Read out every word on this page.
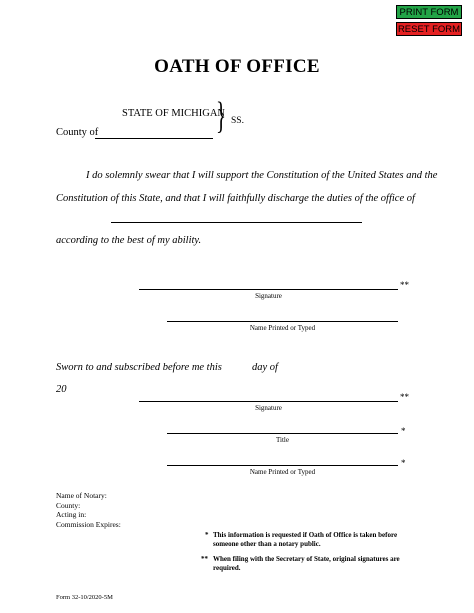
PRINT FORM
RESET FORM
OATH OF OFFICE
STATE OF MICHIGAN
} SS.
County of
I do solemnly swear that I will support the Constitution of the United States and the
Constitution of this State, and that I will faithfully discharge the duties of the office of
according to the best of my ability.
**
Signature
Name Printed or Typed
Sworn to and subscribed before me this	day of
20
**
Signature
*
Title
*
Name Printed or Typed
Name of Notary:
County:
Acting in:
Commission Expires:
* This information is requested if Oath of Office is taken before
someone other than a notary public.
** When filing with the Secretary of State, original signatures are
required.
Form 32-10/2020-5M
